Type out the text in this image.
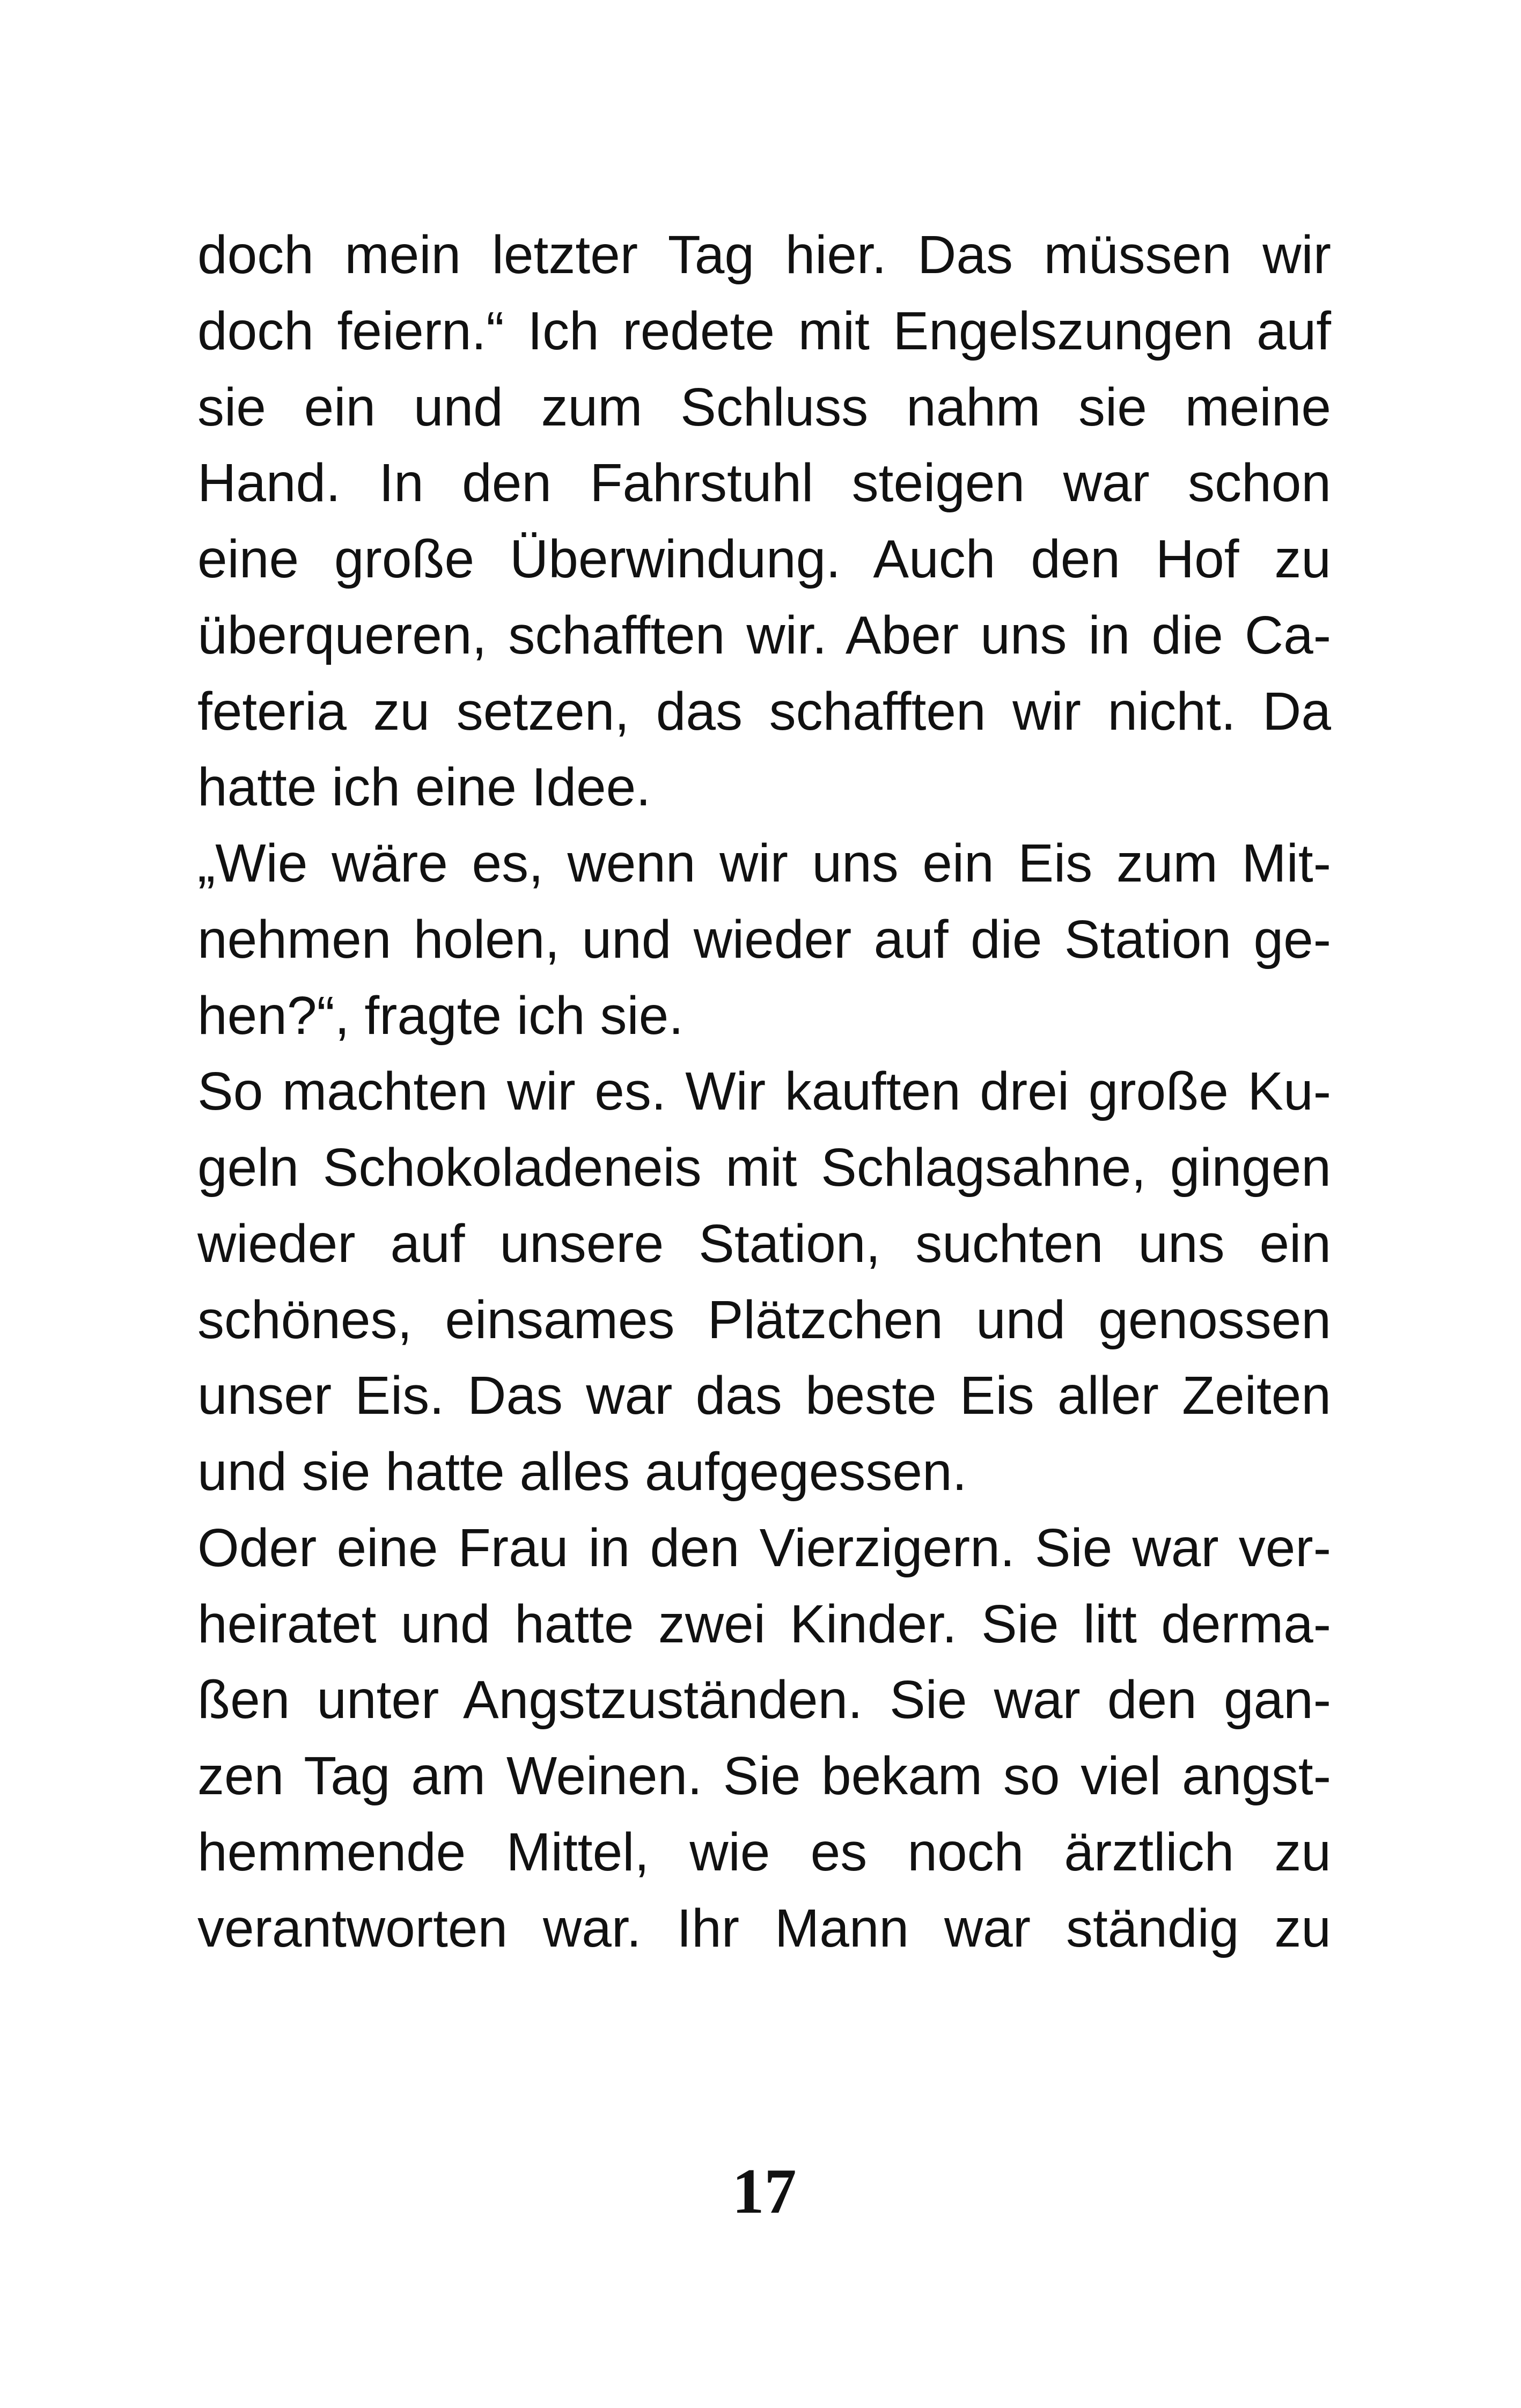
doch mein letzter Tag hier. Das müssen wir
doch feiern.“ Ich redete mit Engelszungen auf
sie ein und zum Schluss nahm sie meine
Hand. In den Fahrstuhl steigen war schon
eine große Überwindung. Auch den Hof zu
überqueren, schafften wir. Aber uns in die Ca-
feteria zu setzen, das schafften wir nicht. Da
hatte ich eine Idee.
„Wie wäre es, wenn wir uns ein Eis zum Mit-
nehmen holen, und wieder auf die Station ge-
hen?“, fragte ich sie.
So machten wir es. Wir kauften drei große Ku-
geln Schokoladeneis mit Schlagsahne, gingen
wieder auf unsere Station, suchten uns ein
schönes, einsames Plätzchen und genossen
unser Eis. Das war das beste Eis aller Zeiten
und sie hatte alles aufgegessen.
Oder eine Frau in den Vierzigern. Sie war ver-
heiratet und hatte zwei Kinder. Sie litt derma-
ßen unter Angstzuständen. Sie war den gan-
zen Tag am Weinen. Sie bekam so viel angst-
hemmende Mittel, wie es noch ärztlich zu
verantworten war. Ihr Mann war ständig zu
17
